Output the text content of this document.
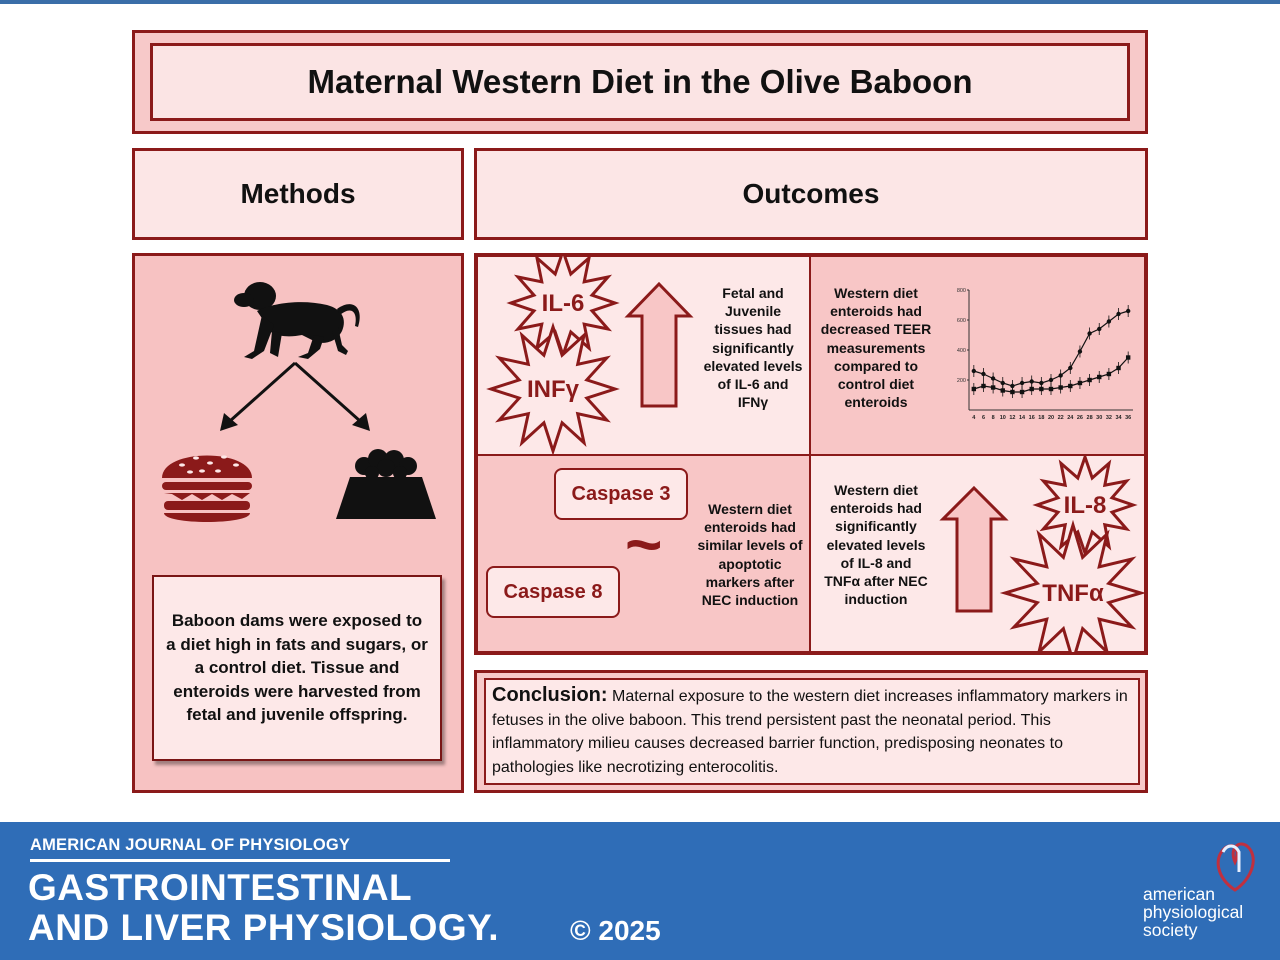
Maternal Western Diet in the Olive Baboon
Methods	Outcomes
Baboon dams were exposed to a diet high in fats and sugars, or a control diet. Tissue and enteroids were harvested from fetal and juvenile offspring.
IL-6
INFγ
Fetal and Juvenile tissues had significantly elevated levels of IL-6 and IFNγ
Western diet enteroids had decreased TEER measurements compared to control diet enteroids
200
400
600
800
4 6 8 10 12 14 16 18 20 22 24 26 28 30 32 34 36
Caspase 3
Caspase 8
~	Western diet enteroids had similar levels of apoptotic markers after NEC induction
Western diet enteroids had significantly elevated levels of IL-8 and TNFα after NEC induction
IL-8
TNFα
Conclusion: Maternal exposure to the western diet increases inflammatory markers in fetuses in the olive baboon. This trend persistent past the neonatal period. This inflammatory milieu causes decreased barrier function, predisposing neonates to pathologies like necrotizing enterocolitis.
AMERICAN JOURNAL OF PHYSIOLOGY
GASTROINTESTINAL
AND LIVER PHYSIOLOGY.	© 2025
american
physiological
society
